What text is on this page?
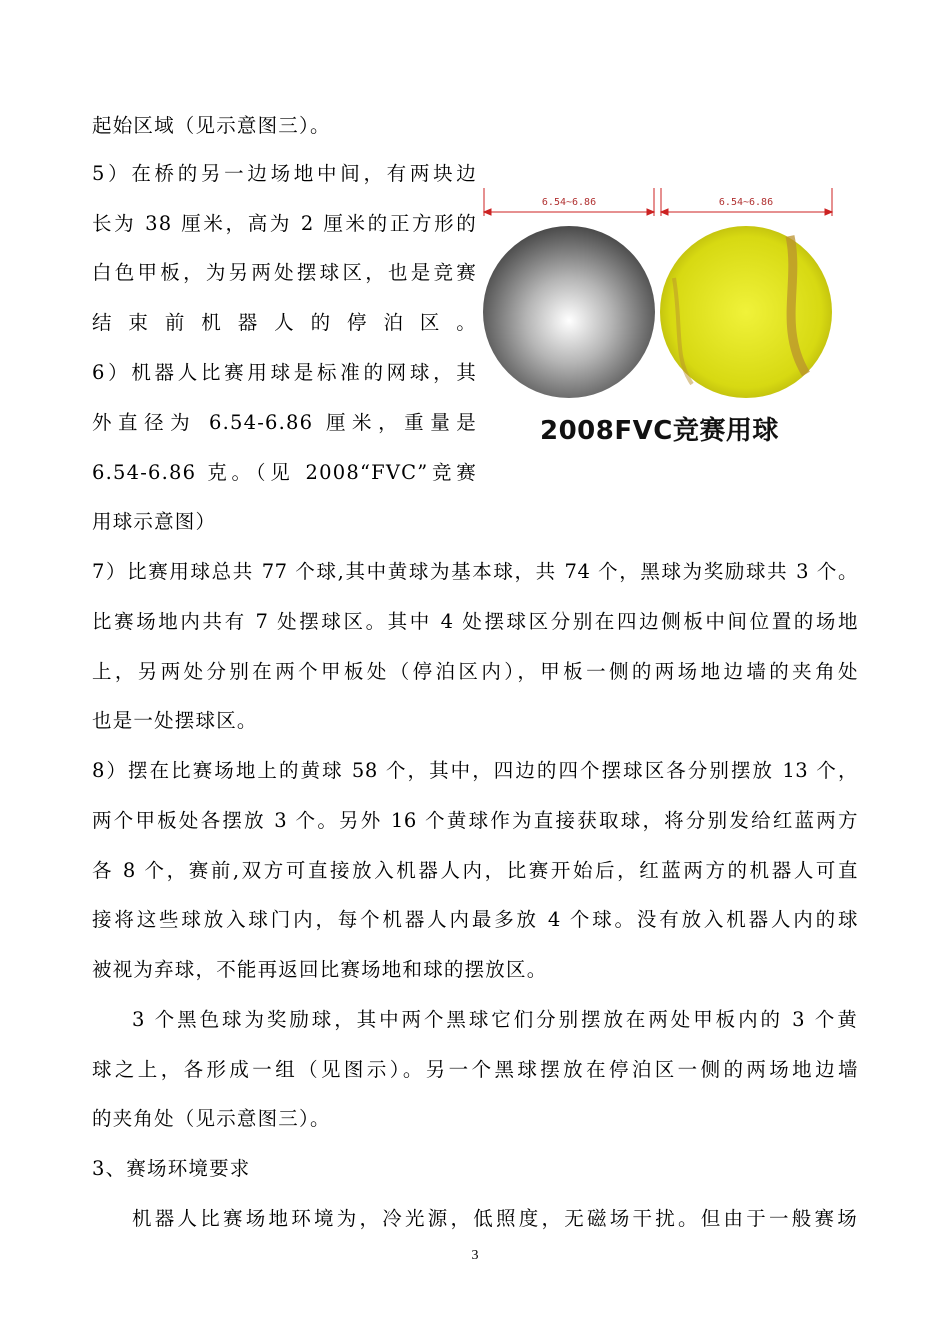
起始区域（见示意图三）。
5）在桥的另一边场地中间，有两块边
长为 38 厘米，高为 2 厘米的正方形的
白色甲板，为另两处摆球区，也是竞赛
结束前机器人的停泊区。
6）机器人比赛用球是标准的网球，其
外直径为 6.54-6.86 厘米，重量是
6.54-6.86 克。（见 2008“FVC”竞赛
用球示意图）
7）比赛用球总共 77 个球,其中黄球为基本球，共 74 个，黑球为奖励球共 3 个。
比赛场地内共有 7 处摆球区。其中 4 处摆球区分别在四边侧板中间位置的场地
上，另两处分别在两个甲板处（停泊区内），甲板一侧的两场地边墙的夹角处
也是一处摆球区。
8）摆在比赛场地上的黄球 58 个，其中，四边的四个摆球区各分别摆放 13 个，
两个甲板处各摆放 3 个。另外 16 个黄球作为直接获取球，将分别发给红蓝两方
各 8 个，赛前,双方可直接放入机器人内，比赛开始后，红蓝两方的机器人可直
接将这些球放入球门内，每个机器人内最多放 4 个球。没有放入机器人内的球
被视为弃球，不能再返回比赛场地和球的摆放区。
3 个黑色球为奖励球，其中两个黑球它们分别摆放在两处甲板内的 3 个黄
球之上，各形成一组（见图示）。另一个黑球摆放在停泊区一侧的两场地边墙
的夹角处（见示意图三）。
3、赛场环境要求
机器人比赛场地环境为，冷光源，低照度，无磁场干扰。但由于一般赛场
6.54~6.86	6.54~6.86
2008FVC竞赛用球
3
